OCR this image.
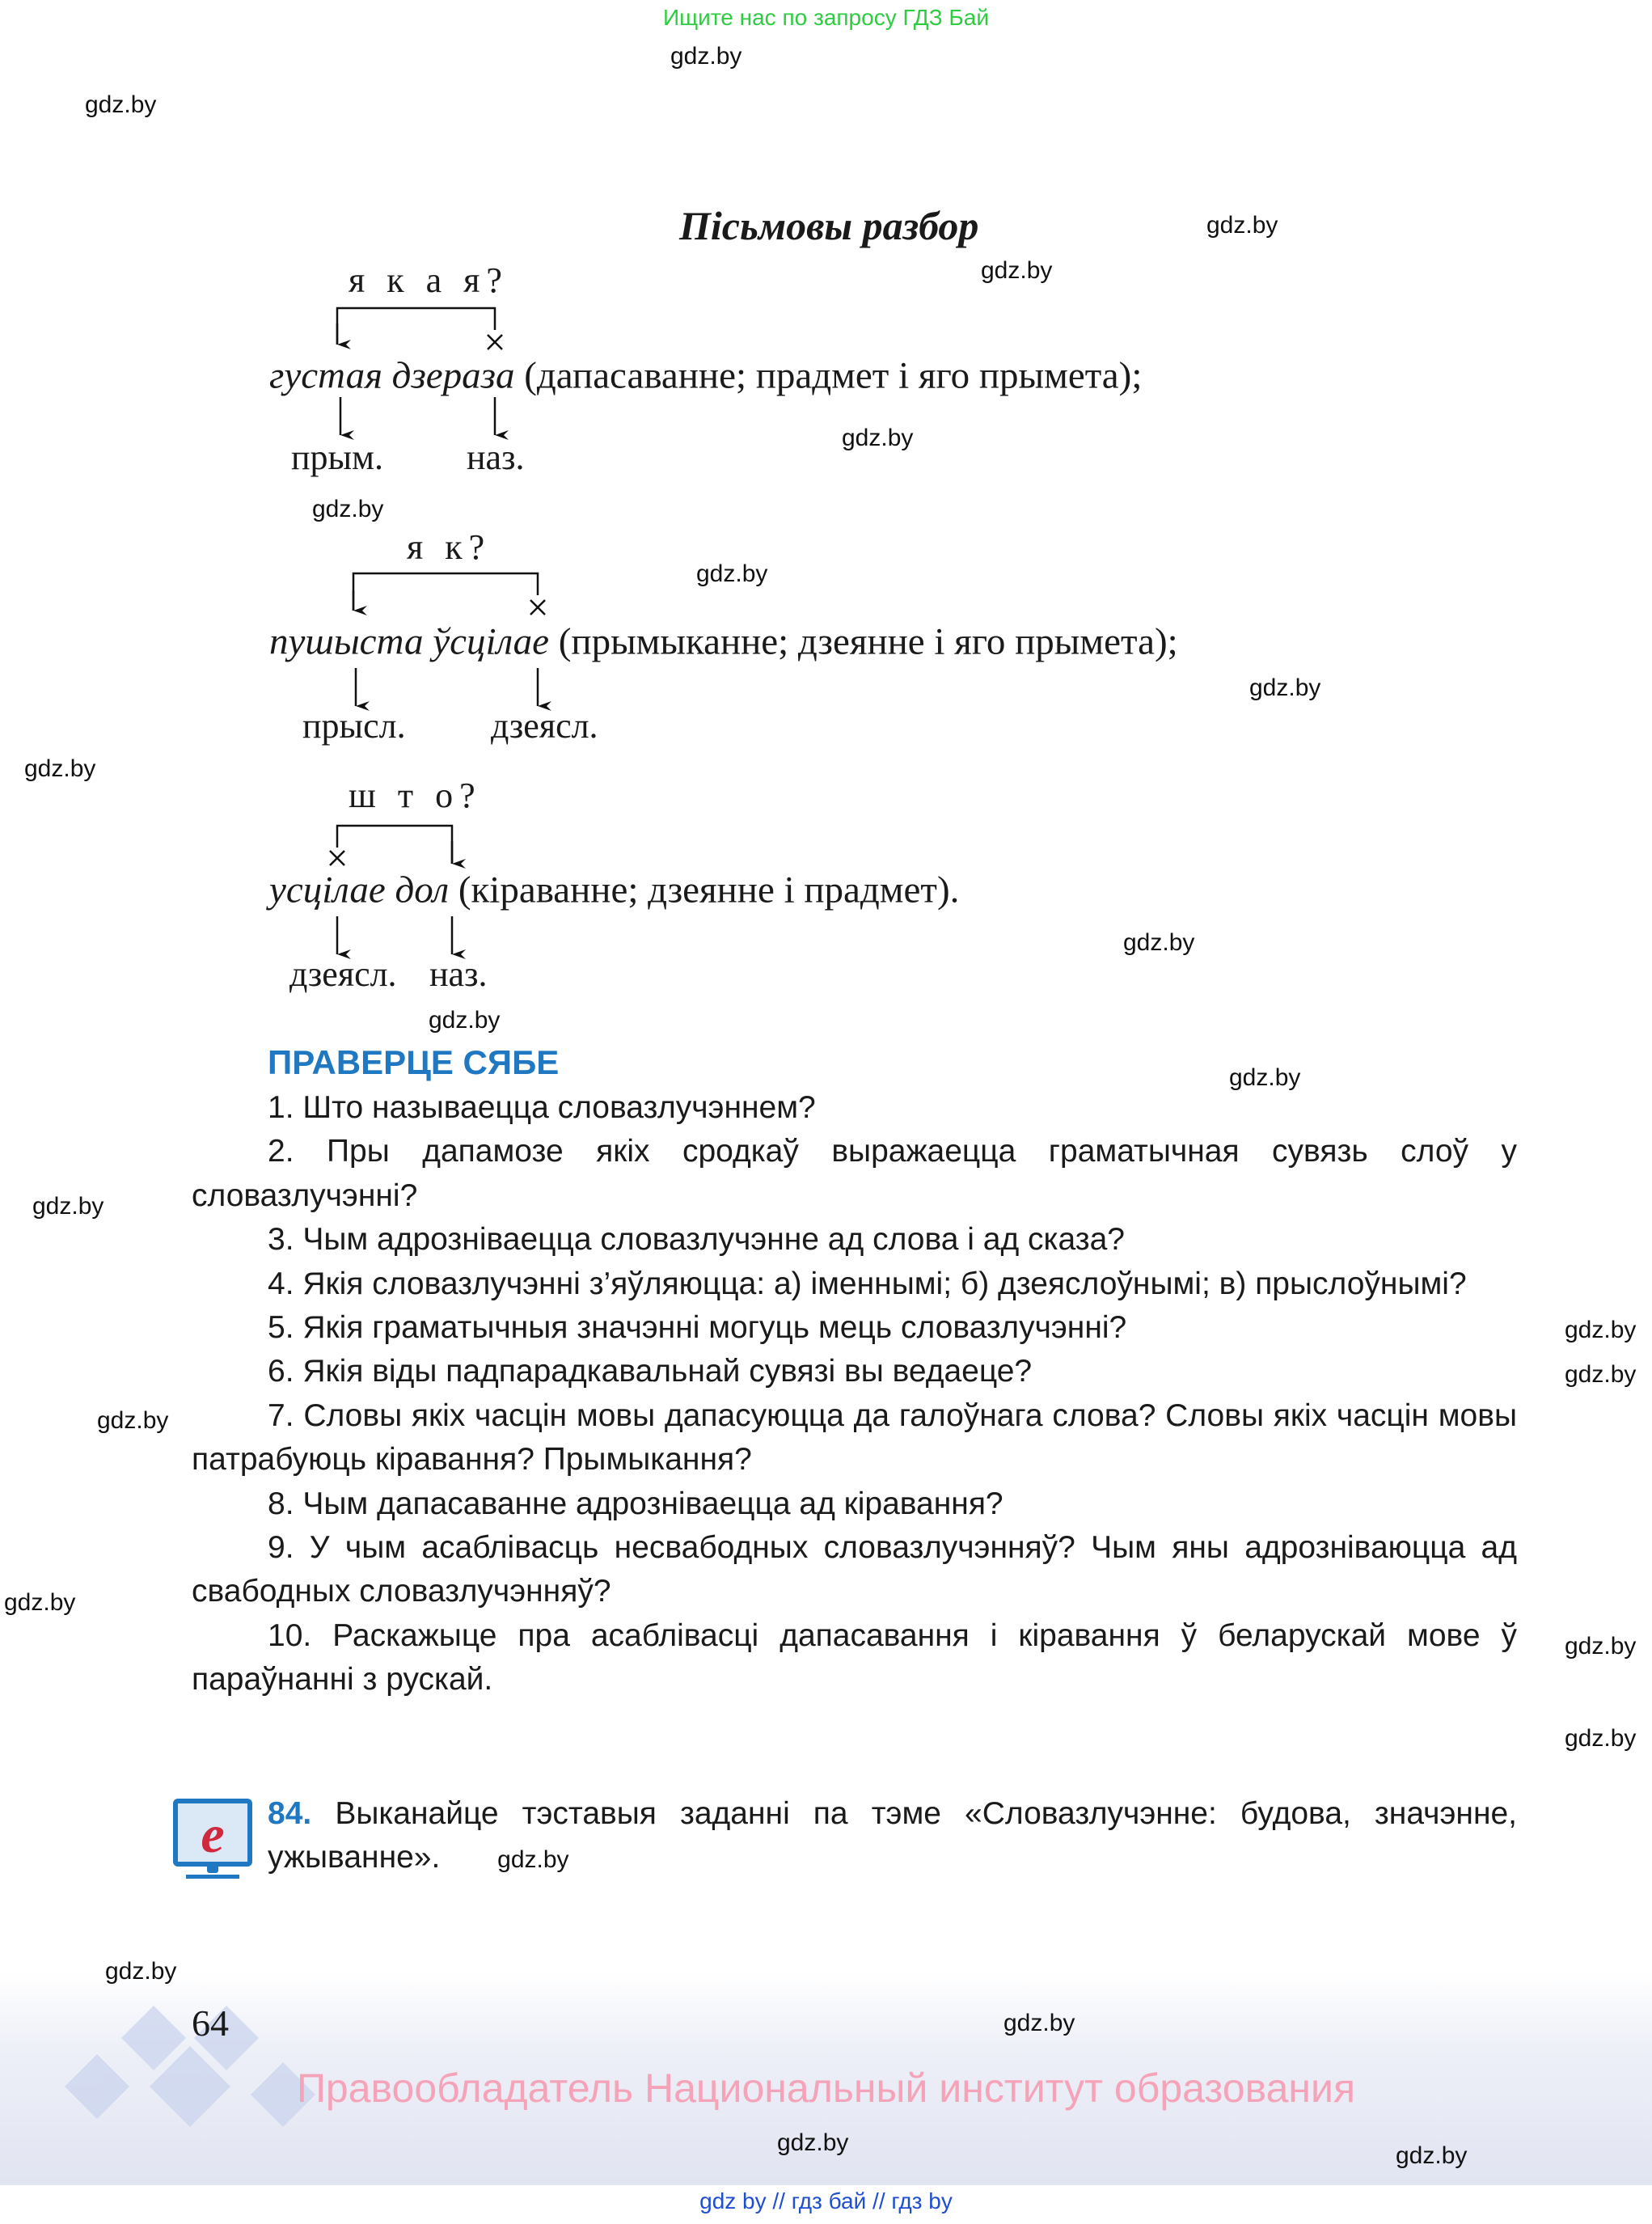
Ищите нас по запросу ГДЗ Бай
gdz.by
gdz.by
gdz.by
gdz.by
gdz.by
gdz.by
gdz.by
gdz.by
gdz.by
gdz.by
gdz.by
gdz.by
gdz.by
gdz.by
gdz.by
gdz.by
gdz.by
gdz.by
gdz.by
Пісьмовы разбор
я к а я?
густая дзераза (дапасаванне; прадмет і яго прымета);
прым. наз.
я к?
пушыста ўсцілае (прымыканне; дзеянне і яго прымета);
прысл. дзеясл.
ш т о?
усцілае дол (кіраванне; дзеянне і прадмет).
дзеясл. наз.
ПРАВЕРЦЕ СЯБЕ

1. Што называецца словазлучэннем?

2. Пры дапамозе якіх сродкаў выражаецца граматычная сувязь слоў у словазлучэнні?

3. Чым адрозніваецца словазлучэнне ад слова і ад сказа?

4. Якія словазлучэнні з’яўляюцца: а) іменнымі; б) дзеяслоўнымі; в) прыслоўнымі?

5. Якія граматычныя значэнні могуць мець словазлучэнні?

6. Якія віды падпарадкавальнай сувязі вы ведаеце?

7. Словы якіх часцін мовы дапасуюцца да галоўнага слова? Словы якіх часцін мовы патрабуюць кіравання? Прымыкання?

8. Чым дапасаванне адрозніваецца ад кіравання?

9. У чым асаблівасць несвабодных словазлучэнняў? Чым яны адрозніваюцца ад свабодных словазлучэнняў?

10. Раскажыце пра асаблівасці дапасавання і кіравання ў беларускай мове ў параўнанні з рускай.

e 84. Выканайце тэставыя заданні па тэме «Словазлучэнне: будова, значэнне, ужыванне». gdz.by
gdz.by
64	gdz.by
Правообладатель Национальный институт образования
gdz.by	gdz.by
gdz by // гдз бай // гдз by
